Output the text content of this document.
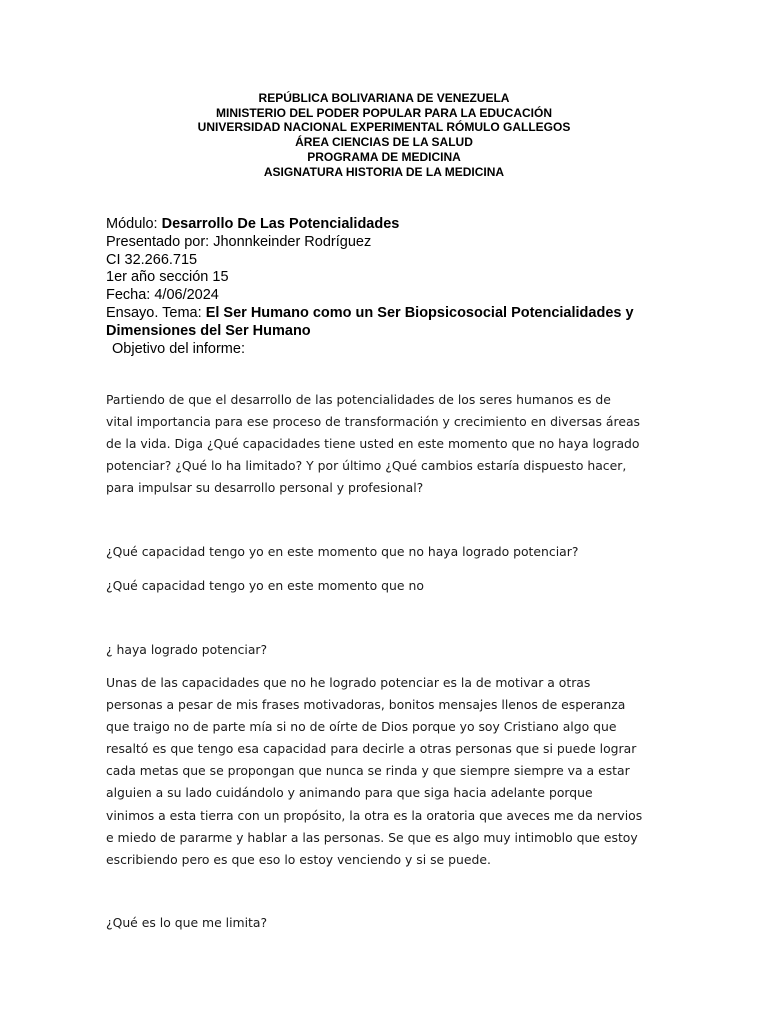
REPÚBLICA BOLIVARIANA DE VENEZUELA
MINISTERIO DEL PODER POPULAR PARA LA EDUCACIÓN
UNIVERSIDAD NACIONAL EXPERIMENTAL RÓMULO GALLEGOS
ÁREA CIENCIAS DE LA SALUD
PROGRAMA DE MEDICINA
ASIGNATURA HISTORIA DE LA MEDICINA
Módulo: Desarrollo De Las Potencialidades
Presentado por: Jhonnkeinder Rodríguez
CI 32.266.715
1er año sección 15
Fecha: 4/06/2024
Ensayo. Tema: El Ser Humano como un Ser Biopsicosocial Potencialidades y Dimensiones del Ser Humano
Objetivo del informe:
Partiendo de que el desarrollo de las potencialidades de los seres humanos es de
vital importancia para ese proceso de transformación y crecimiento en diversas áreas
de la vida. Diga ¿Qué capacidades tiene usted en este momento que no haya logrado
potenciar? ¿Qué lo ha limitado? Y por último ¿Qué cambios estaría dispuesto hacer,
para impulsar su desarrollo personal y profesional?
¿Qué capacidad tengo yo en este momento que no haya logrado potenciar?
¿Qué capacidad tengo yo en este momento que no
¿ haya logrado potenciar?
Unas de las capacidades que no he logrado potenciar es la de motivar a otras
personas a pesar de mis frases motivadoras, bonitos mensajes llenos de esperanza
que traigo no de parte mía si no de oírte de Dios porque yo soy Cristiano algo que
resaltó es que tengo esa capacidad para decirle a otras personas que si puede lograr
cada metas que se propongan que nunca se rinda y que siempre siempre va a estar
alguien a su lado cuidándolo y animando para que siga hacia adelante porque
vinimos a esta tierra con un propósito, la otra es la oratoria que aveces me da nervios
e miedo de pararme y hablar a las personas. Se que es algo muy intimoblo que estoy
escribiendo pero es que eso lo estoy venciendo y si se puede.
¿Qué es lo que me limita?
